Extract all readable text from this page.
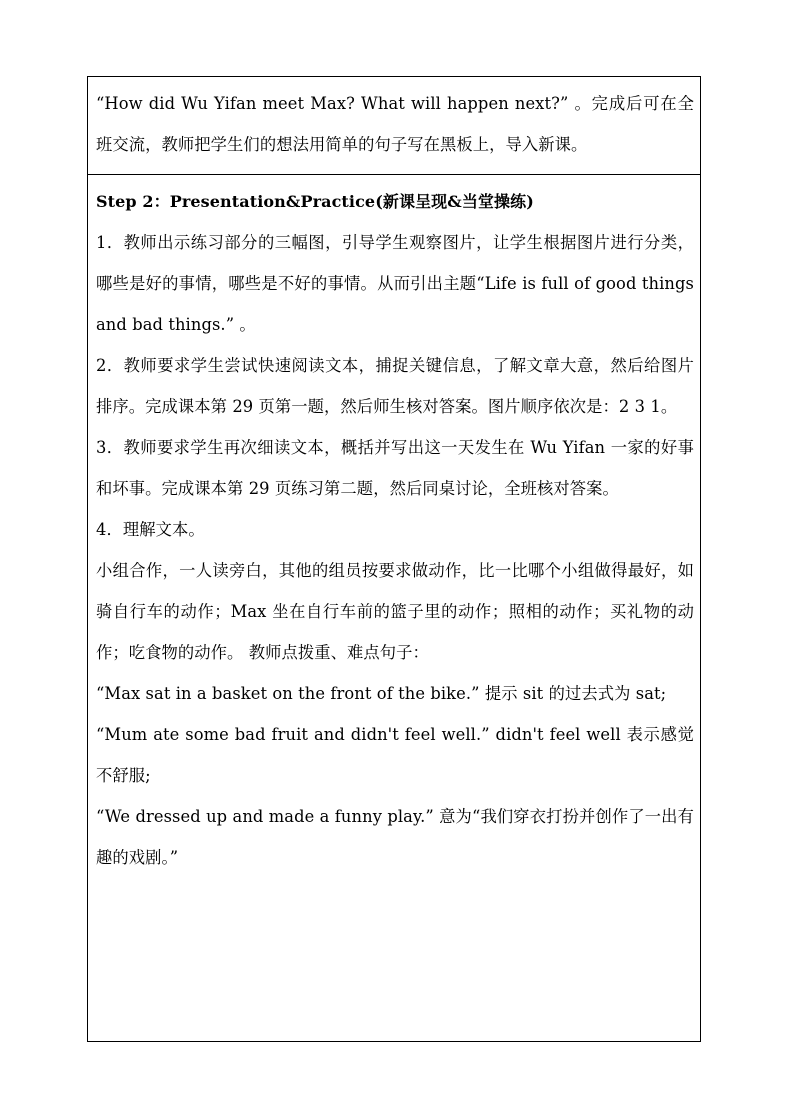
“How did Wu Yifan meet Max? What will happen next?” 。完成后可在全班交流，教师把学生们的想法用简单的句子写在黑板上，导入新课。

Step 2：Presentation&Practice(新课呈现&当堂操练)

1．教师出示练习部分的三幅图，引导学生观察图片，让学生根据图片进行分类，哪些是好的事情，哪些是不好的事情。从而引出主题“Life is full of good things and bad things.” 。

2．教师要求学生尝试快速阅读文本，捕捉关键信息，了解文章大意，然后给图片排序。完成课本第 29 页第一题，然后师生核对答案。图片顺序依次是：2 3 1。

3．教师要求学生再次细读文本，概括并写出这一天发生在 Wu Yifan 一家的好事和坏事。完成课本第 29 页练习第二题，然后同桌讨论，全班核对答案。

4．理解文本。

小组合作，一人读旁白，其他的组员按要求做动作，比一比哪个小组做得最好，如骑自行车的动作；Max 坐在自行车前的篮子里的动作；照相的动作；买礼物的动作；吃食物的动作。 教师点拨重、难点句子：

“Max sat in a basket on the front of the bike.” 提示 sit 的过去式为 sat;

“Mum ate some bad fruit and didn't feel well.” didn't feel well 表示感觉不舒服;

“We dressed up and made a funny play.” 意为“我们穿衣打扮并创作了一出有趣的戏剧。”
